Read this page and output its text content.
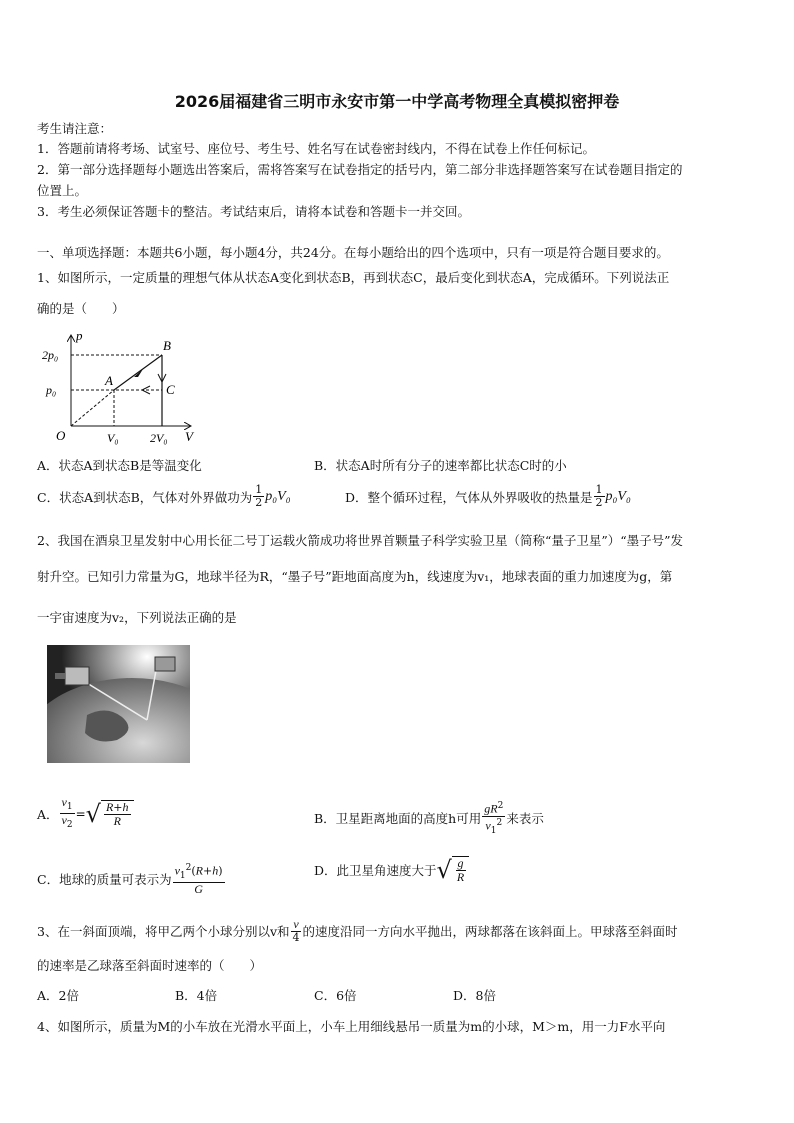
2026届福建省三明市永安市第一中学高考物理全真模拟密押卷
考生请注意：
1．答题前请将考场、试室号、座位号、考生号、姓名写在试卷密封线内，不得在试卷上作任何标记。
2．第一部分选择题每小题选出答案后，需将答案写在试卷指定的括号内，第二部分非选择题答案写在试卷题目指定的
位置上。
3．考生必须保证答题卡的整洁。考试结束后，请将本试卷和答题卡一并交回。
一、单项选择题：本题共6小题，每小题4分，共24分。在每小题给出的四个选项中，只有一项是符合题目要求的。
1、如图所示，一定质量的理想气体从状态A变化到状态B，再到状态C，最后变化到状态A，完成循环。下列说法正
确的是（　　）
p
V
O
2p₀
p₀
V₀	2V₀
A
B
C
A．状态A到状态B是等温变化	B．状态A时所有分子的速率都比状态C时的小
C．状态A到状态B，气体对外界做功为 $\frac{1}{2} p_0V_0$	D．整个循环过程，气体从外界吸收的热量是 $\frac{1}{2} p_0V_0$
2、我国在酒泉卫星发射中心用长征二号丁运载火箭成功将世界首颗量子科学实验卫星（简称“量子卫星”）“墨子号”发
射升空。已知引力常量为G，地球半径为R，“墨子号”距地面高度为h，线速度为v₁，地球表面的重力加速度为g，第
一宇宙速度为v₂，下列说法正确的是
A． $\frac{v_1}{v_2}$ = √ $\frac{R+h}{R}$	B．卫星距离地面的高度h可用 $\frac{gR^2}{v_1^2}$ 来表示
C．地球的质量可表示为 $\frac{v_1^2(R+h)}{G}$	D．此卫星角速度大于 √ $\frac{g}{R}$
3、在一斜面顶端，将甲乙两个小球分别以v和 $\frac{v}{4}$ 的速度沿同一方向水平抛出，两球都落在该斜面上。甲球落至斜面时
的速率是乙球落至斜面时速率的（　　）
A．2倍	B．4倍	C．6倍	D．8倍
4、如图所示，质量为M的小车放在光滑水平面上，小车上用细线悬吊一质量为m的小球，M＞m，用一力F水平向
